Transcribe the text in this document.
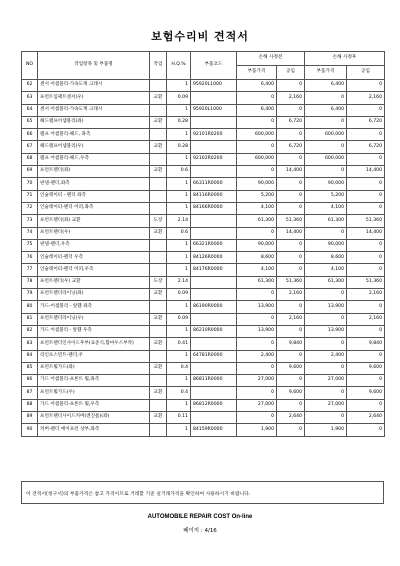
보험수리비 견적서
NO	작업항목 및 부품명	작업	H.Q.%	부품코드	손해 사정전		손해 사정후	
					부품가격	공임	부품가격	공임
62	센서 어셈블리-가속도계 크래시		1	95920L1000	6,400	0	6,400	0
63	프런트임팩트센서(우)	교환	0.09		0	2,160	0	2,160
64	센서 어셈블리-가속도계 크래시		1	95920L1000	6,400	0	6,400	0
65	헤드램프어셈블리(좌)	교환	0.28		0	6,720	0	6,720
66	램프 어셈블리-헤드, 좌측		1	92101R0200	600,000	0	600,000	0
67	헤드램프어셈블리(우)	교환	0.28		0	6,720	0	6,720
68	램프 어셈블리-헤드,우측		1	92102R0200	600,000	0	600,000	0
69	프런트펜더(좌)	교환	0.6		0	14,400	0	14,400
70	판넬-펜더,좌측		1	66311R0000	90,000	0	90,000	0
71	인슐레이터 - 펜더 좌측		1	84116R0000	5,200	0	5,200	0
72	인슐레이터-펜더 어퍼,좌측		1	84166R0000	4,100	0	4,100	0
73	프런트펜더(좌) 교환	도장	2.14		61,300	51,360	61,300	51,360
74	프런트펜더(우)	교환	0.6		0	14,400	0	14,400
75	판넬-펜더,우측		1	66321R0000	90,000	0	90,000	0
76	인슐레이터-펜더 우측		1	84126R0000	8,600	0	8,600	0
77	인슐레이터-펜더 어퍼,우측		1	84176R0000	4,100	0	4,100	0
78	프런트펜더(우) 교환	도장	2.14		61,300	51,360	61,300	51,360
79	프런트펜더라이닝(좌)	교환	0.09		0	2,160	0	2,160
80	가드-어셈블리 - 앞휀 좌측		1	86190R0000	13,900	0	13,900	0
81	프런트펜더라이닝(우)	교환	0.09		0	2,160	0	2,160
82	가드 어셈블리 - 앞휀 우측		1	86210R0000	13,900	0	13,900	0
83	프런트펜더인사이드후부(표준식,함마우스부착)	교환	0.41		0	9,840	0	9,840
84	리인포스먼트-펜더,우		1	64781R0000	2,400	0	2,400	0
85	프런트휠가드(좌)	교환	0.4		0	9,600	0	9,600
86	가드 어셈블리-프론트 휠,좌측		1	86811R0000	27,000	0	27,000	0
87	프런트휠가드(우)	교환	0.4		0	9,600	0	9,600
88	가드 어셈블리-프론트 휠,우측		1	86812R0000	27,000	0	27,000	0
89	프런트펜더사이드커버(앤진룸)(좌)	교환	0.11		0	2,640	0	2,640
90	커버-펜더 에이프런 상부,좌측		1	84159R0000	1,900	0	1,900	0
이 견적서(청구서)의 부품가격은 참고 가격이므로 거래할 기준 실거래가격을 확인하여 사용하시기 바랍니다.
AUTOMOBILE REPAIR COST On-line
페이지 : 4/16
